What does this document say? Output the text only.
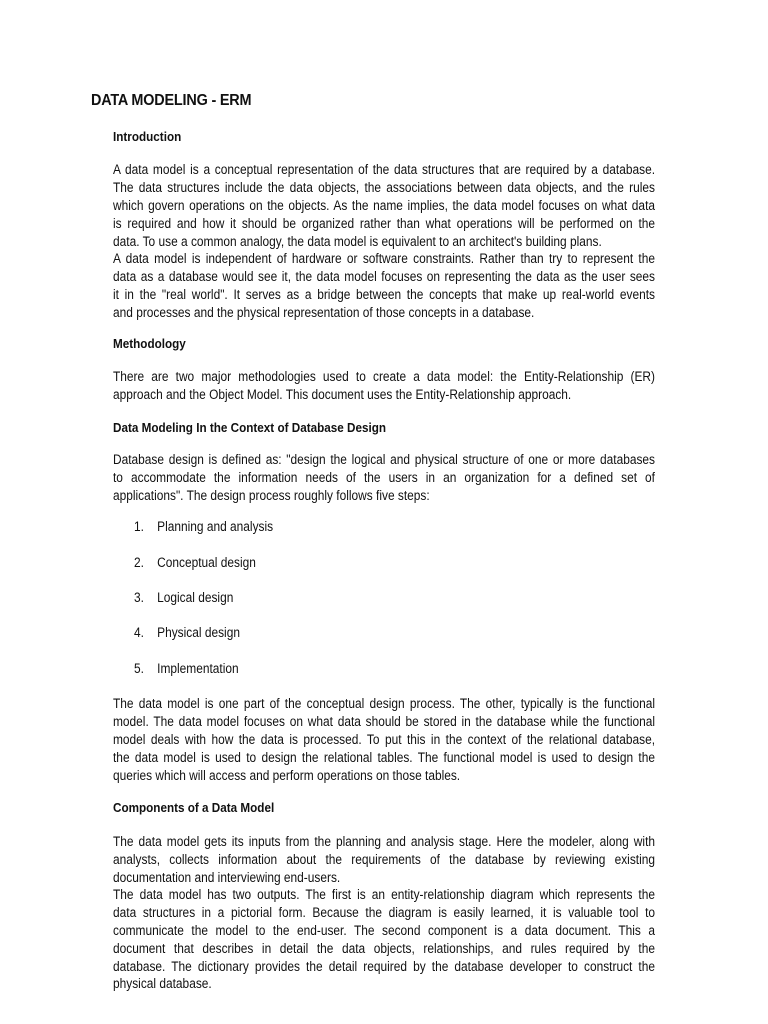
DATA MODELING - ERM
Introduction
A data model is a conceptual representation of the data structures that are required by a database.
The data structures include the data objects, the associations between data objects, and the rules
which govern operations on the objects. As the name implies, the data model focuses on what data
is required and how it should be organized rather than what operations will be performed on the
data. To use a common analogy, the data model is equivalent to an architect's building plans.
A data model is independent of hardware or software constraints. Rather than try to represent the
data as a database would see it, the data model focuses on representing the data as the user sees
it in the "real world". It serves as a bridge between the concepts that make up real-world events
and processes and the physical representation of those concepts in a database.
Methodology
There are two major methodologies used to create a data model: the Entity-Relationship (ER)
approach and the Object Model. This document uses the Entity-Relationship approach.
Data Modeling In the Context of Database Design
Database design is defined as: "design the logical and physical structure of one or more databases
to accommodate the information needs of the users in an organization for a defined set of
applications". The design process roughly follows five steps:
1. Planning and analysis
2. Conceptual design
3. Logical design
4. Physical design
5. Implementation
The data model is one part of the conceptual design process. The other, typically is the functional
model. The data model focuses on what data should be stored in the database while the functional
model deals with how the data is processed. To put this in the context of the relational database,
the data model is used to design the relational tables. The functional model is used to design the
queries which will access and perform operations on those tables.
Components of a Data Model
The data model gets its inputs from the planning and analysis stage. Here the modeler, along with
analysts, collects information about the requirements of the database by reviewing existing
documentation and interviewing end-users.
The data model has two outputs. The first is an entity-relationship diagram which represents the
data structures in a pictorial form. Because the diagram is easily learned, it is valuable tool to
communicate the model to the end-user. The second component is a data document. This a
document that describes in detail the data objects, relationships, and rules required by the
database. The dictionary provides the detail required by the database developer to construct the
physical database.
